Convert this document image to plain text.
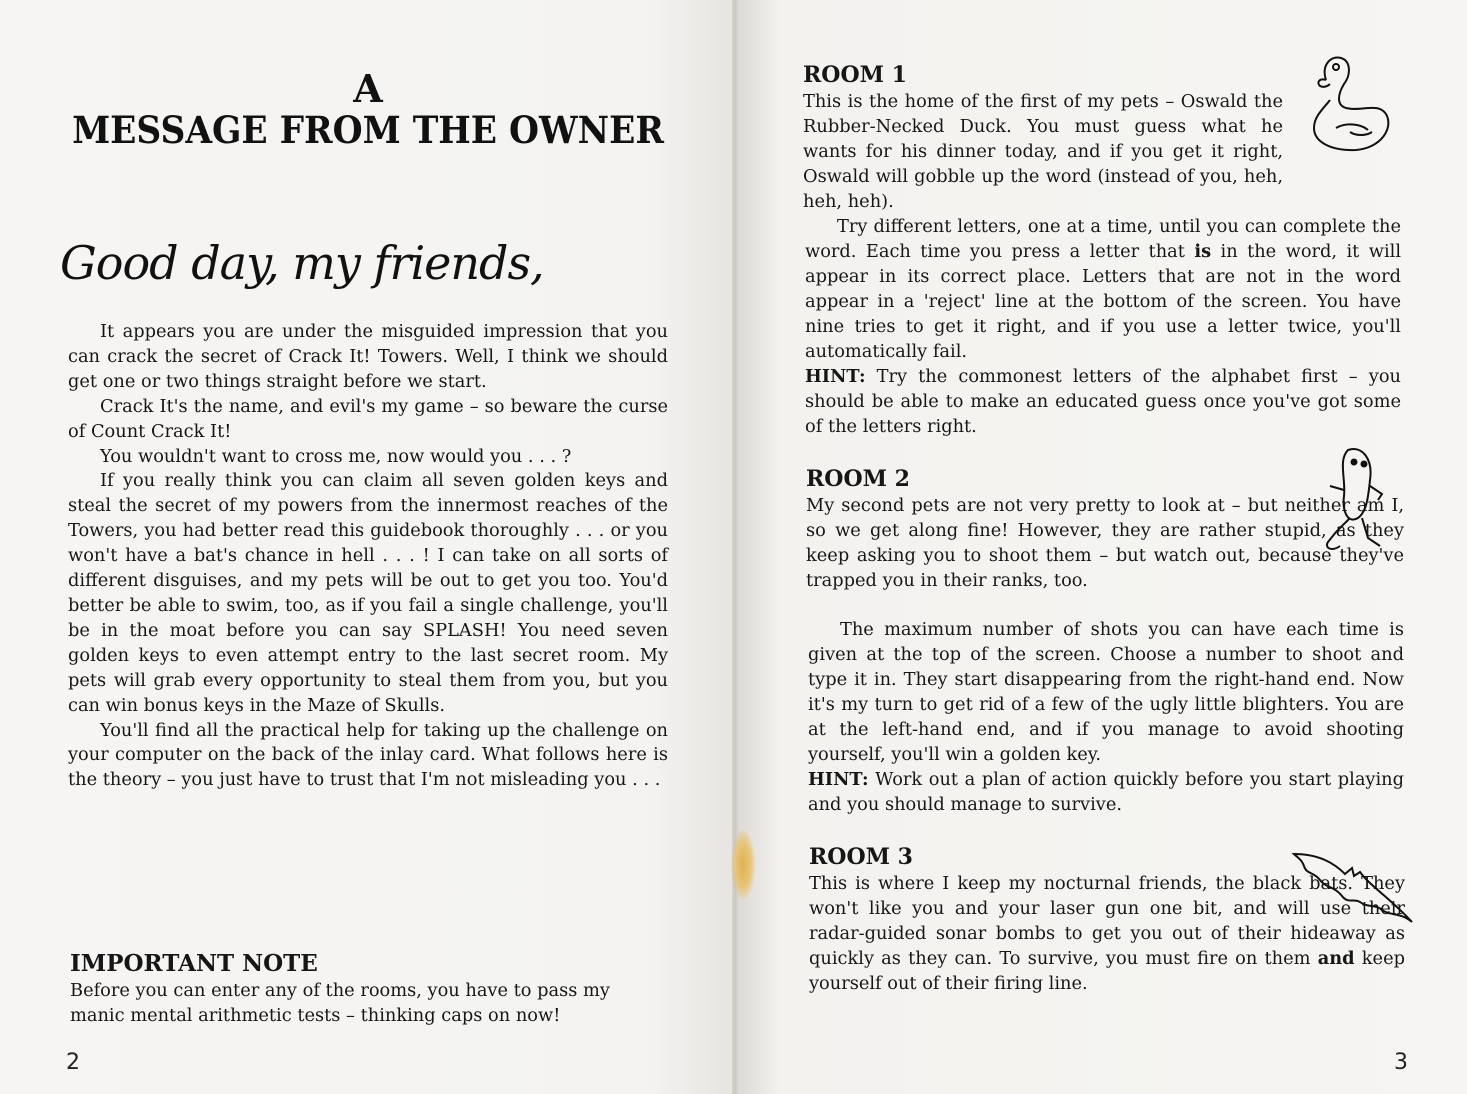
A
MESSAGE FROM THE OWNER
Good day, my friends,

It appears you are under the misguided impression that you can crack the secret of Crack It! Towers. Well, I think we should get one or two things straight before we start.

Crack It's the name, and evil's my game – so beware the curse of Count Crack It!

You wouldn't want to cross me, now would you . . . ?

If you really think you can claim all seven golden keys and steal the secret of my powers from the innermost reaches of the Towers, you had better read this guidebook thoroughly . . . or you won't have a bat's chance in hell . . . ! I can take on all sorts of different disguises, and my pets will be out to get you too. You'd better be able to swim, too, as if you fail a single challenge, you'll be in the moat before you can say SPLASH! You need seven golden keys to even attempt entry to the last secret room. My pets will grab every opportunity to steal them from you, but you can win bonus keys in the Maze of Skulls.

You'll find all the practical help for taking up the challenge on your computer on the back of the inlay card. What follows here is the theory – you just have to trust that I'm not misleading you . . .

IMPORTANT NOTE
Before you can enter any of the rooms, you have to pass my manic mental arithmetic tests – thinking caps on now!
2
ROOM 1

This is the home of the first of my pets – Oswald the Rubber-Necked Duck. You must guess what he wants for his dinner today, and if you get it right, Oswald will gobble up the word (instead of you, heh, heh, heh).

Try different letters, one at a time, until you can complete the word. Each time you press a letter that is in the word, it will appear in its correct place. Letters that are not in the word appear in a 'reject' line at the bottom of the screen. You have nine tries to get it right, and if you use a letter twice, you'll automatically fail.

HINT: Try the commonest letters of the alphabet first – you should be able to make an educated guess once you've got some of the letters right.

ROOM 2

My second pets are not very pretty to look at – but neither am I, so we get along fine! However, they are rather stupid, as they keep asking you to shoot them – but watch out, because they've trapped you in their ranks, too.

The maximum number of shots you can have each time is given at the top of the screen. Choose a number to shoot and type it in. They start disappearing from the right-hand end. Now it's my turn to get rid of a few of the ugly little blighters. You are at the left-hand end, and if you manage to avoid shooting yourself, you'll win a golden key.

HINT: Work out a plan of action quickly before you start playing and you should manage to survive.

ROOM 3

This is where I keep my nocturnal friends, the black bats. They won't like you and your laser gun one bit, and will use their radar-guided sonar bombs to get you out of their hideaway as quickly as they can. To survive, you must fire on them and keep yourself out of their firing line.

3
